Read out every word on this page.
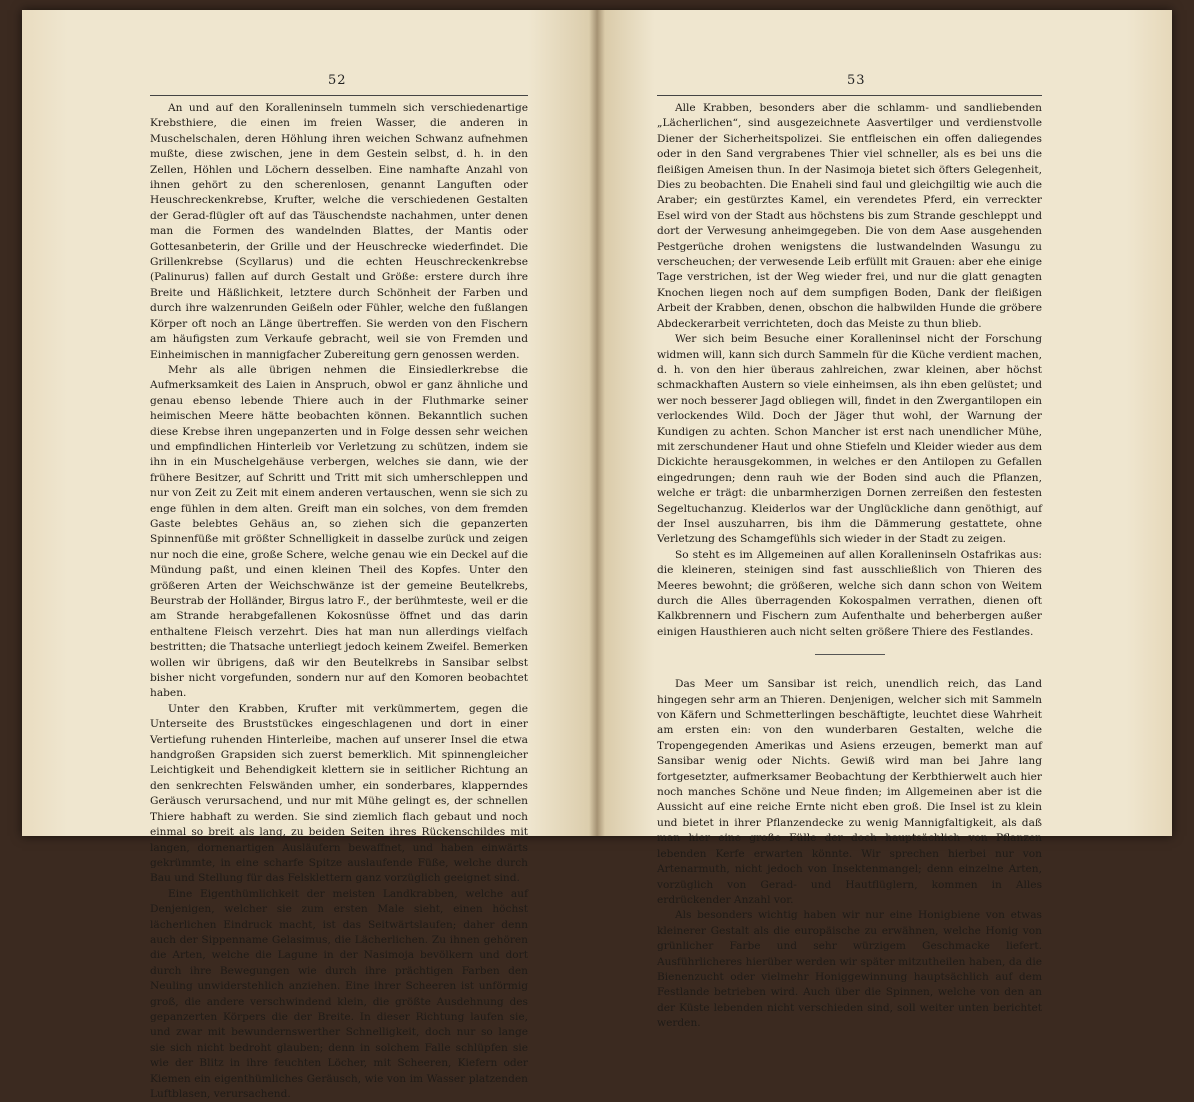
52

An und auf den Koralleninseln tummeln sich verschiedenartige Krebsthiere, die einen im freien Wasser, die anderen in Muschelschalen, deren Höhlung ihren weichen Schwanz aufnehmen mußte, diese zwischen, jene in dem Gestein selbst, d. h. in den Zellen, Höhlen und Löchern desselben. Eine namhafte Anzahl von ihnen gehört zu den scherenlosen, genannt Languften oder Heuschreckenkrebse, Krufter, welche die verschiedenen Gestalten der Gerad-flügler oft auf das Täuschendste nachahmen, unter denen man die Formen des wandelnden Blattes, der Mantis oder Gottesanbeterin, der Grille und der Heuschrecke wiederfindet. Die Grillenkrebse (Scyllarus) und die echten Heuschreckenkrebse (Palinurus) fallen auf durch Gestalt und Größe: erstere durch ihre Breite und Häßlichkeit, letztere durch Schönheit der Farben und durch ihre walzenrunden Geißeln oder Fühler, welche den fußlangen Körper oft noch an Länge übertreffen. Sie werden von den Fischern am häufigsten zum Verkaufe gebracht, weil sie von Fremden und Einheimischen in mannigfacher Zubereitung gern genossen werden.

Mehr als alle übrigen nehmen die Einsiedlerkrebse die Aufmerksamkeit des Laien in Anspruch, obwol er ganz ähnliche und genau ebenso lebende Thiere auch in der Fluthmarke seiner heimischen Meere hätte beobachten können. Bekanntlich suchen diese Krebse ihren ungepanzerten und in Folge dessen sehr weichen und empfindlichen Hinterleib vor Verletzung zu schützen, indem sie ihn in ein Muschelgehäuse verbergen, welches sie dann, wie der frühere Besitzer, auf Schritt und Tritt mit sich umherschleppen und nur von Zeit zu Zeit mit einem anderen vertauschen, wenn sie sich zu enge fühlen in dem alten. Greift man ein solches, von dem fremden Gaste belebtes Gehäus an, so ziehen sich die gepanzerten Spinnenfüße mit größter Schnelligkeit in dasselbe zurück und zeigen nur noch die eine, große Schere, welche genau wie ein Deckel auf die Mündung paßt, und einen kleinen Theil des Kopfes. Unter den größeren Arten der Weichschwänze ist der gemeine Beutelkrebs, Beurstrab der Holländer, Birgus latro F., der berühmteste, weil er die am Strande herabgefallenen Kokosnüsse öffnet und das darin enthaltene Fleisch verzehrt. Dies hat man nun allerdings vielfach bestritten; die Thatsache unterliegt jedoch keinem Zweifel. Bemerken wollen wir übrigens, daß wir den Beutelkrebs in Sansibar selbst bisher nicht vorgefunden, sondern nur auf den Komoren beobachtet haben.

Unter den Krabben, Krufter mit verkümmertem, gegen die Unterseite des Bruststückes eingeschlagenen und dort in einer Vertiefung ruhenden Hinterleibe, machen auf unserer Insel die etwa handgroßen Grapsiden sich zuerst bemerklich. Mit spinnengleicher Leichtigkeit und Behendigkeit klettern sie in seitlicher Richtung an den senkrechten Felswänden umher, ein sonderbares, klapperndes Geräusch verursachend, und nur mit Mühe gelingt es, der schnellen Thiere habhaft zu werden. Sie sind ziemlich flach gebaut und noch einmal so breit als lang, zu beiden Seiten ihres Rückenschildes mit langen, dornenartigen Ausläufern bewaffnet, und haben einwärts gekrümmte, in eine scharfe Spitze auslaufende Füße, welche durch Bau und Stellung für das Felsklettern ganz vorzüglich geeignet sind.

Eine Eigenthümlichkeit der meisten Landkrabben, welche auf Denjenigen, welcher sie zum ersten Male sieht, einen höchst lächerlichen Eindruck macht, ist das Seitwärtslaufen; daher denn auch der Sippenname Gelasimus, die Lächerlichen. Zu ihnen gehören die Arten, welche die Lagune in der Nasimoja bevölkern und dort durch ihre Bewegungen wie durch ihre prächtigen Farben den Neuling unwiderstehlich anziehen. Eine ihrer Scheeren ist unförmig groß, die andere verschwindend klein, die größte Ausdehnung des gepanzerten Körpers die der Breite. In dieser Richtung laufen sie, und zwar mit bewundernswerther Schnelligkeit, doch nur so lange sie sich nicht bedroht glauben; denn in solchem Falle schlüpfen sie wie der Blitz in ihre feuchten Löcher, mit Scheeren, Kiefern oder Kiemen ein eigenthümliches Geräusch, wie von im Wasser platzenden Luftblasen, verursachend.

53

Alle Krabben, besonders aber die schlamm- und sandliebenden „Lächerlichen“, sind ausgezeichnete Aasvertilger und verdienstvolle Diener der Sicherheitspolizei. Sie entfleischen ein offen daliegendes oder in den Sand vergrabenes Thier viel schneller, als es bei uns die fleißigen Ameisen thun. In der Nasimoja bietet sich öfters Gelegenheit, Dies zu beobachten. Die Enaheli sind faul und gleichgiltig wie auch die Araber; ein gestürztes Kamel, ein verendetes Pferd, ein verreckter Esel wird von der Stadt aus höchstens bis zum Strande geschleppt und dort der Verwesung anheimgegeben. Die von dem Aase ausgehenden Pestgerüche drohen wenigstens die lustwandelnden Wasungu zu verscheuchen; der verwesende Leib erfüllt mit Grauen: aber ehe einige Tage verstrichen, ist der Weg wieder frei, und nur die glatt genagten Knochen liegen noch auf dem sumpfigen Boden, Dank der fleißigen Arbeit der Krabben, denen, obschon die halbwilden Hunde die gröbere Abdeckerarbeit verrichteten, doch das Meiste zu thun blieb.

Wer sich beim Besuche einer Koralleninsel nicht der Forschung widmen will, kann sich durch Sammeln für die Küche verdient machen, d. h. von den hier überaus zahlreichen, zwar kleinen, aber höchst schmackhaften Austern so viele einheimsen, als ihn eben gelüstet; und wer noch besserer Jagd obliegen will, findet in den Zwergantilopen ein verlockendes Wild. Doch der Jäger thut wohl, der Warnung der Kundigen zu achten. Schon Mancher ist erst nach unendlicher Mühe, mit zerschundener Haut und ohne Stiefeln und Kleider wieder aus dem Dickichte herausgekommen, in welches er den Antilopen zu Gefallen eingedrungen; denn rauh wie der Boden sind auch die Pflanzen, welche er trägt: die unbarmherzigen Dornen zerreißen den festesten Segeltuchanzug. Kleiderlos war der Unglückliche dann genöthigt, auf der Insel auszuharren, bis ihm die Dämmerung gestattete, ohne Verletzung des Schamgefühls sich wieder in der Stadt zu zeigen.

So steht es im Allgemeinen auf allen Koralleninseln Ostafrikas aus: die kleineren, steinigen sind fast ausschließlich von Thieren des Meeres bewohnt; die größeren, welche sich dann schon von Weitem durch die Alles überragenden Kokospalmen verrathen, dienen oft Kalkbrennern und Fischern zum Aufenthalte und beherbergen außer einigen Hausthieren auch nicht selten größere Thiere des Festlandes.

Das Meer um Sansibar ist reich, unendlich reich, das Land hingegen sehr arm an Thieren. Denjenigen, welcher sich mit Sammeln von Käfern und Schmetterlingen beschäftigte, leuchtet diese Wahrheit am ersten ein: von den wunderbaren Gestalten, welche die Tropengegenden Amerikas und Asiens erzeugen, bemerkt man auf Sansibar wenig oder Nichts. Gewiß wird man bei Jahre lang fortgesetzter, aufmerksamer Beobachtung der Kerbthierwelt auch hier noch manches Schöne und Neue finden; im Allgemeinen aber ist die Aussicht auf eine reiche Ernte nicht eben groß. Die Insel ist zu klein und bietet in ihrer Pflanzendecke zu wenig Mannigfaltigkeit, als daß man hier eine große Fülle der doch hauptsächlich von Pflanzen lebenden Kerfe erwarten könnte. Wir sprechen hierbei nur von Artenarmuth, nicht jedoch von Insektenmangel; denn einzelne Arten, vorzüglich von Gerad- und Hautflüglern, kommen in Alles erdrückender Anzahl vor.

Als besonders wichtig haben wir nur eine Honigbiene von etwas kleinerer Gestalt als die europäische zu erwähnen, welche Honig von grünlicher Farbe und sehr würzigem Geschmacke liefert. Ausführlicheres hierüber werden wir später mitzutheilen haben, da die Bienenzucht oder vielmehr Honiggewinnung hauptsächlich auf dem Festlande betrieben wird. Auch über die Spinnen, welche von den an der Küste lebenden nicht verschieden sind, soll weiter unten berichtet werden.
